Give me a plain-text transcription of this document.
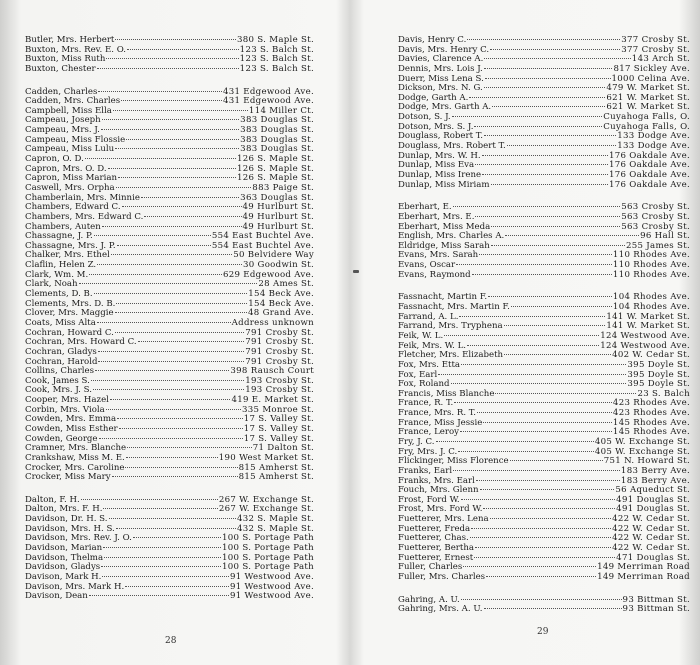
Butler, Mrs. Herbert	380 S. Maple St.
Buxton, Mrs. Rev. E. O.	123 S. Balch St.
Buxton, Miss Ruth	123 S. Balch St.
Buxton, Chester	123 S. Balch St.
Cadden, Charles	431 Edgewood Ave.
Cadden, Mrs. Charles	431 Edgewood Ave.
Campbell, Miss Ella	114 Miller Ct.
Campeau, Joseph	383 Douglas St.
Campeau, Mrs. J.	383 Douglas St.
Campeau, Miss Flossie	383 Douglas St.
Campeau, Miss Lulu	383 Douglas St.
Capron, O. D.	126 S. Maple St.
Capron, Mrs. O. D.	126 S. Maple St.
Capron, Miss Marian	126 S. Maple St.
Caswell, Mrs. Orpha	883 Paige St.
Chamberlain, Mrs. Minnie	363 Douglas St.
Chambers, Edward C.	49 Hurlburt St.
Chambers, Mrs. Edward C.	49 Hurlburt St.
Chambers, Auten	49 Hurlburt St.
Chassagne, J. P.	554 East Buchtel Ave.
Chassagne, Mrs. J. P.	554 East Buchtel Ave.
Chalker, Mrs. Ethel	50 Belvidere Way
Claflin, Helen Z.	30 Goodwin St.
Clark, Wm. M.	629 Edgewood Ave.
Clark, Noah	28 Ames St.
Clements, D. B.	154 Beck Ave.
Clements, Mrs. D. B.	154 Beck Ave.
Clover, Mrs. Maggie	48 Grand Ave.
Coats, Miss Alta	Address unknown
Cochran, Howard C.	791 Crosby St.
Cochran, Mrs. Howard C.	791 Crosby St.
Cochran, Gladys	791 Crosby St.
Cochran, Harold	791 Crosby St.
Collins, Charles	398 Rausch Court
Cook, James S.	193 Crosby St.
Cook, Mrs. J. S.	193 Crosby St.
Cooper, Mrs. Hazel	419 E. Market St.
Corbin, Mrs. Viola	335 Monroe St.
Cowden, Mrs. Emma	17 S. Valley St.
Cowden, Miss Esther	17 S. Valley St.
Cowden, George	17 S. Valley St.
Cramner, Mrs. Blanche	71 Dalton St.
Crankshaw, Miss M. E.	190 West Market St.
Crocker, Mrs. Caroline	815 Amherst St.
Crocker, Miss Mary	815 Amherst St.
Dalton, F. H.	267 W. Exchange St.
Dalton, Mrs. F. H.	267 W. Exchange St.
Davidson, Dr. H. S.	432 S. Maple St.
Davidson, Mrs. H. S.	432 S. Maple St.
Davidson, Mrs. Rev. J. O.	100 S. Portage Path
Davidson, Marian	100 S. Portage Path
Davidson, Thelma	100 S. Portage Path
Davidson, Gladys	100 S. Portage Path
Davison, Mark H.	91 Westwood Ave.
Davison, Mrs. Mark H.	91 Westwood Ave.
Davison, Dean	91 Westwood Ave.
Davis, Henry C.	377 Crosby St.
Davis, Mrs. Henry C.	377 Crosby St.
Davies, Clarence A.	143 Arch St.
Dennis, Mrs. Lois J.	817 Sickley Ave.
Duerr, Miss Lena S.	1000 Celina Ave.
Dickson, Mrs. N. G.	479 W. Market St.
Dodge, Garth A.	621 W. Market St.
Dodge, Mrs. Garth A.	621 W. Market St.
Dotson, S. J.	Cuyahoga Falls, O.
Dotson, Mrs. S. J.	Cuyahoga Falls, O.
Douglass, Robert T.	133 Dodge Ave.
Douglass, Mrs. Robert T.	133 Dodge Ave.
Dunlap, Mrs. W. H.	176 Oakdale Ave.
Dunlap, Miss Eva	176 Oakdale Ave.
Dunlap, Miss Irene	176 Oakdale Ave.
Dunlap, Miss Miriam	176 Oakdale Ave.
Eberhart, E.	563 Crosby St.
Eberhart, Mrs. E.	563 Crosby St.
Eberhart, Miss Meda	563 Crosby St.
English, Mrs. Charles A.	96 Hall St.
Eldridge, Miss Sarah	255 James St.
Evans, Mrs. Sarah	110 Rhodes Ave.
Evans, Oscar	110 Rhodes Ave.
Evans, Raymond	110 Rhodes Ave.
Fassnacht, Martin F.	104 Rhodes Ave.
Fassnacht, Mrs. Martin F.	104 Rhodes Ave.
Farrand, A. L.	141 W. Market St.
Farrand, Mrs. Tryphena	141 W. Market St.
Feik, W. L.	124 Westwood Ave.
Feik, Mrs. W. L.	124 Westwood Ave.
Fletcher, Mrs. Elizabeth	402 W. Cedar St.
Fox, Mrs. Etta	395 Doyle St.
Fox, Earl	395 Doyle St.
Fox, Roland	395 Doyle St.
Francis, Miss Blanche	23 S. Balch
France, R. T.	423 Rhodes Ave.
France, Mrs. R. T.	423 Rhodes Ave.
France, Miss Jessie	145 Rhodes Ave.
France, Leroy	145 Rhodes Ave.
Fry, J. C.	405 W. Exchange St.
Fry, Mrs. J. C.	405 W. Exchange St.
Flickinger, Miss Florence	751 N. Howard St.
Franks, Earl	183 Berry Ave.
Franks, Mrs. Earl	183 Berry Ave.
Fouch, Mrs. Glenn	56 Aqueduct St.
Frost, Ford W.	491 Douglas St.
Frost, Mrs. Ford W.	491 Douglas St.
Fuetterer, Mrs. Lena	422 W. Cedar St.
Fuetterer, Freda	422 W. Cedar St.
Fuetterer, Chas.	422 W. Cedar St.
Fuetterer, Bertha	422 W. Cedar St.
Fuetterer, Ernest	471 Douglas St.
Fuller, Charles	149 Merriman Road
Fuller, Mrs. Charles	149 Merriman Road
Gahring, A. U.	93 Bittman St.
Gahring, Mrs. A. U.	93 Bittman St.
28
29
